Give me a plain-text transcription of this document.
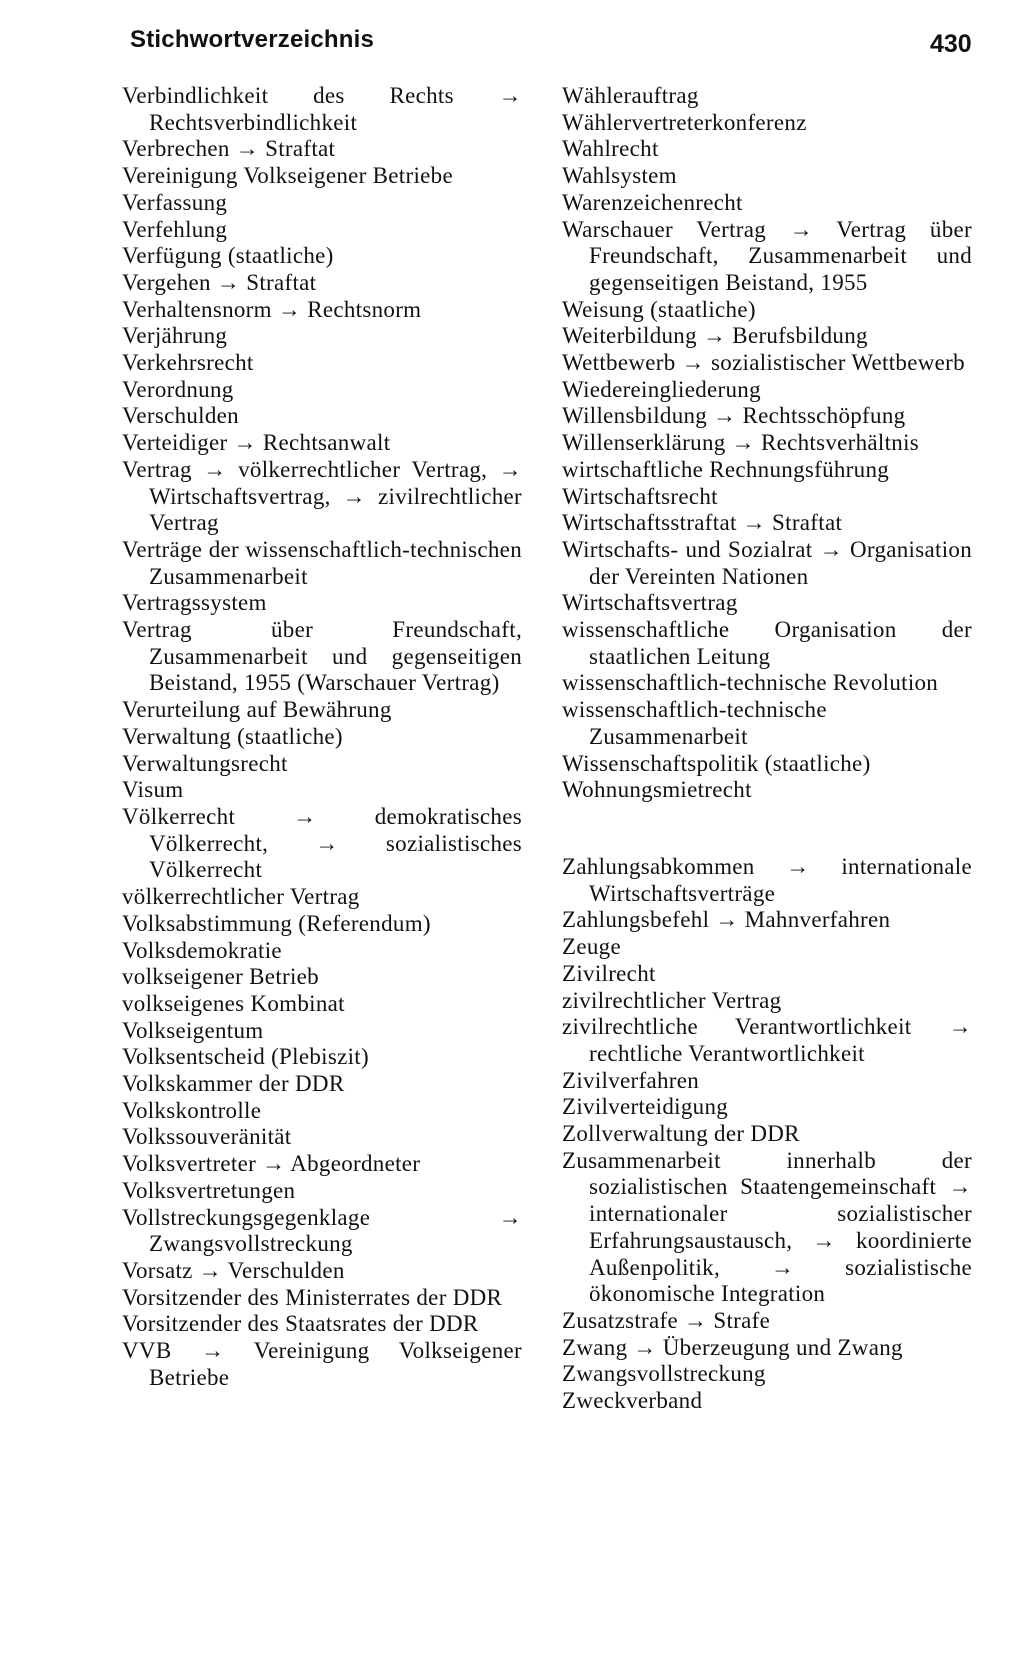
Stichwortverzeichnis	430
Verbindlichkeit des Rechts → Rechtsverbindlichkeit
Verbrechen → Straftat
Vereinigung Volkseigener Betriebe
Verfassung
Verfehlung
Verfügung (staatliche)
Vergehen → Straftat
Verhaltensnorm → Rechtsnorm
Verjährung
Verkehrsrecht
Verordnung
Verschulden
Verteidiger → Rechtsanwalt
Vertrag → völkerrechtlicher Vertrag, → Wirtschaftsvertrag, → zivilrechtlicher Vertrag
Verträge der wissenschaftlich-technischen Zusammenarbeit
Vertragssystem
Vertrag über Freundschaft, Zusammenarbeit und gegenseitigen Beistand, 1955 (Warschauer Vertrag)
Verurteilung auf Bewährung
Verwaltung (staatliche)
Verwaltungsrecht
Visum
Völkerrecht → demokratisches Völkerrecht, → sozialistisches Völkerrecht
völkerrechtlicher Vertrag
Volksabstimmung (Referendum)
Volksdemokratie
volkseigener Betrieb
volkseigenes Kombinat
Volkseigentum
Volksentscheid (Plebiszit)
Volkskammer der DDR
Volkskontrolle
Volkssouveränität
Volksvertreter → Abgeordneter
Volksvertretungen
Vollstreckungsgegenklage → Zwangsvollstreckung
Vorsatz → Verschulden
Vorsitzender des Ministerrates der DDR
Vorsitzender des Staatsrates der DDR
VVB → Vereinigung Volkseigener Betriebe
Wählerauftrag
Wählervertreterkonferenz
Wahlrecht
Wahlsystem
Warenzeichenrecht
Warschauer Vertrag → Vertrag über Freundschaft, Zusammenarbeit und gegenseitigen Beistand, 1955
Weisung (staatliche)
Weiterbildung → Berufsbildung
Wettbewerb → sozialistischer Wettbewerb
Wiedereingliederung
Willensbildung → Rechtsschöpfung
Willenserklärung → Rechtsverhältnis
wirtschaftliche Rechnungsführung
Wirtschaftsrecht
Wirtschaftsstraftat → Straftat
Wirtschafts- und Sozialrat → Organisation der Vereinten Nationen
Wirtschaftsvertrag
wissenschaftliche Organisation der staatlichen Leitung
wissenschaftlich-technische Revolution
wissenschaftlich-technische Zusammenarbeit
Wissenschaftspolitik (staatliche)
Wohnungsmietrecht
Zahlungsabkommen → internationale Wirtschaftsverträge
Zahlungsbefehl → Mahnverfahren
Zeuge
Zivilrecht
zivilrechtlicher Vertrag
zivilrechtliche Verantwortlichkeit → rechtliche Verantwortlichkeit
Zivilverfahren
Zivilverteidigung
Zollverwaltung der DDR
Zusammenarbeit innerhalb der sozialistischen Staatengemeinschaft → internationaler sozialistischer Erfahrungsaustausch, → koordinierte Außenpolitik, → sozialistische ökonomische Integration
Zusatzstrafe → Strafe
Zwang → Überzeugung und Zwang
Zwangsvollstreckung
Zweckverband
